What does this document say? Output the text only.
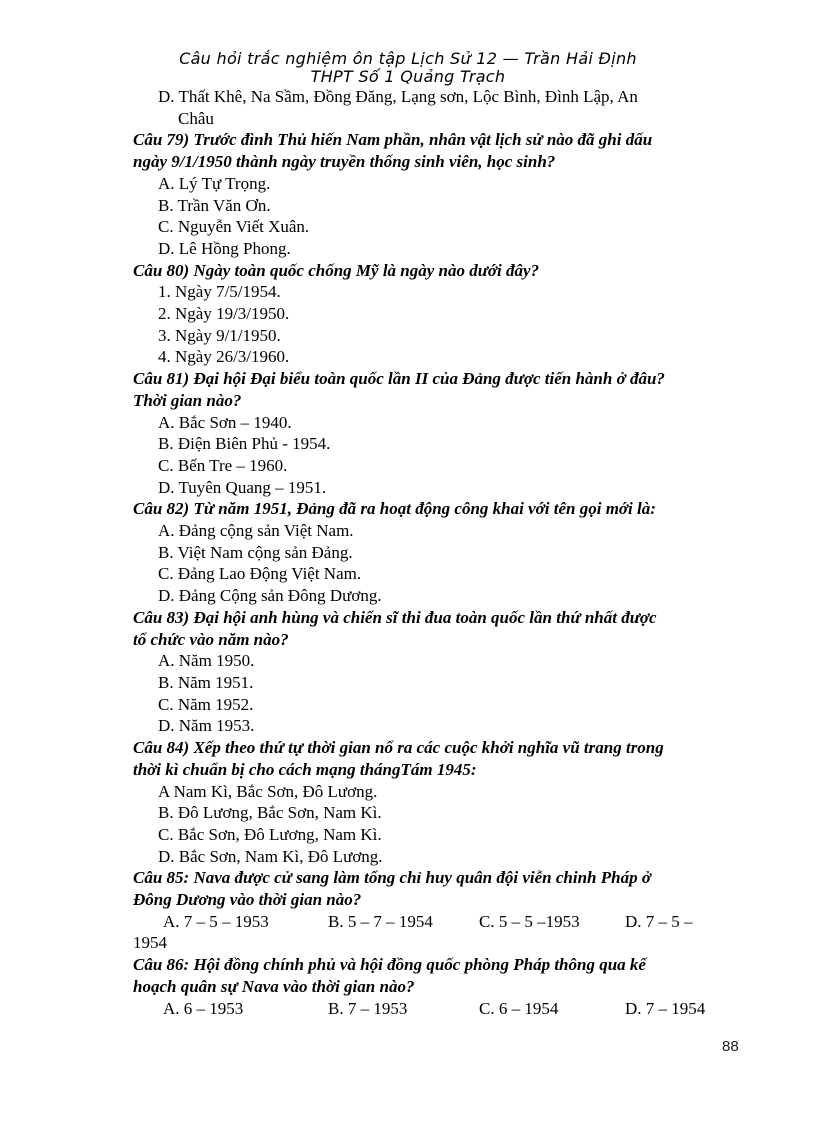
Câu hỏi trắc nghiệm ôn tập Lịch Sử 12 — Trần Hải Định
THPT Số 1 Quảng Trạch
D. Thất Khê, Na Sầm, Đồng Đăng, Lạng sơn, Lộc Bình, Đình Lập, An
Châu
Câu 79) Trước đình Thủ hiến Nam phần, nhân vật lịch sử nào đã ghi dấu
ngày 9/1/1950 thành ngày truyền thống sinh viên, học sinh?
A. Lý Tự Trọng.
B. Trần Văn Ơn.
C. Nguyễn Viết Xuân.
D. Lê Hồng Phong.
Câu 80) Ngày toàn quốc chống Mỹ là ngày nào dưới đây?
1. Ngày 7/5/1954.
2. Ngày 19/3/1950.
3. Ngày 9/1/1950.
4. Ngày 26/3/1960.
Câu 81) Đại hội Đại biểu toàn quốc lần II của Đảng được tiến hành ở đâu?
Thời gian nào?
A. Bắc Sơn – 1940.
B. Điện Biên Phủ - 1954.
C. Bến Tre – 1960.
D. Tuyên Quang – 1951.
Câu 82) Từ năm 1951, Đảng đã ra hoạt động công khai với tên gọi mới là:
A. Đảng cộng sản Việt Nam.
B. Việt Nam cộng sản Đảng.
C. Đảng Lao Động Việt Nam.
D. Đảng Cộng sản Đông Dương.
Câu 83) Đại hội anh hùng và chiến sĩ thi đua toàn quốc lần thứ nhất được
tổ chức vào năm nào?
A. Năm 1950.
B. Năm 1951.
C. Năm 1952.
D. Năm 1953.
Câu 84) Xếp theo thứ tự thời gian nổ ra các cuộc khởi nghĩa vũ trang trong
thời kì chuẩn bị cho cách mạng thángTám 1945:
A Nam Kì, Bắc Sơn, Đô Lương.
B. Đô Lương, Bắc Sơn, Nam Kì.
C. Bắc Sơn, Đô Lương, Nam Kì.
D. Bắc Sơn, Nam Kì, Đô Lương.
Câu 85: Nava được cử sang làm tổng chỉ huy quân đội viễn chinh Pháp ở
Đông Dương vào thời gian nào?
A. 7 – 5 – 1953	B. 5 – 7 – 1954	C. 5 – 5 –1953	D. 7 – 5 –
1954
Câu 86: Hội đồng chính phủ và hội đồng quốc phòng Pháp thông qua kế
hoạch quân sự Nava vào thời gian nào?
A. 6 – 1953	B. 7 – 1953	C. 6 – 1954	D. 7 – 1954
88
